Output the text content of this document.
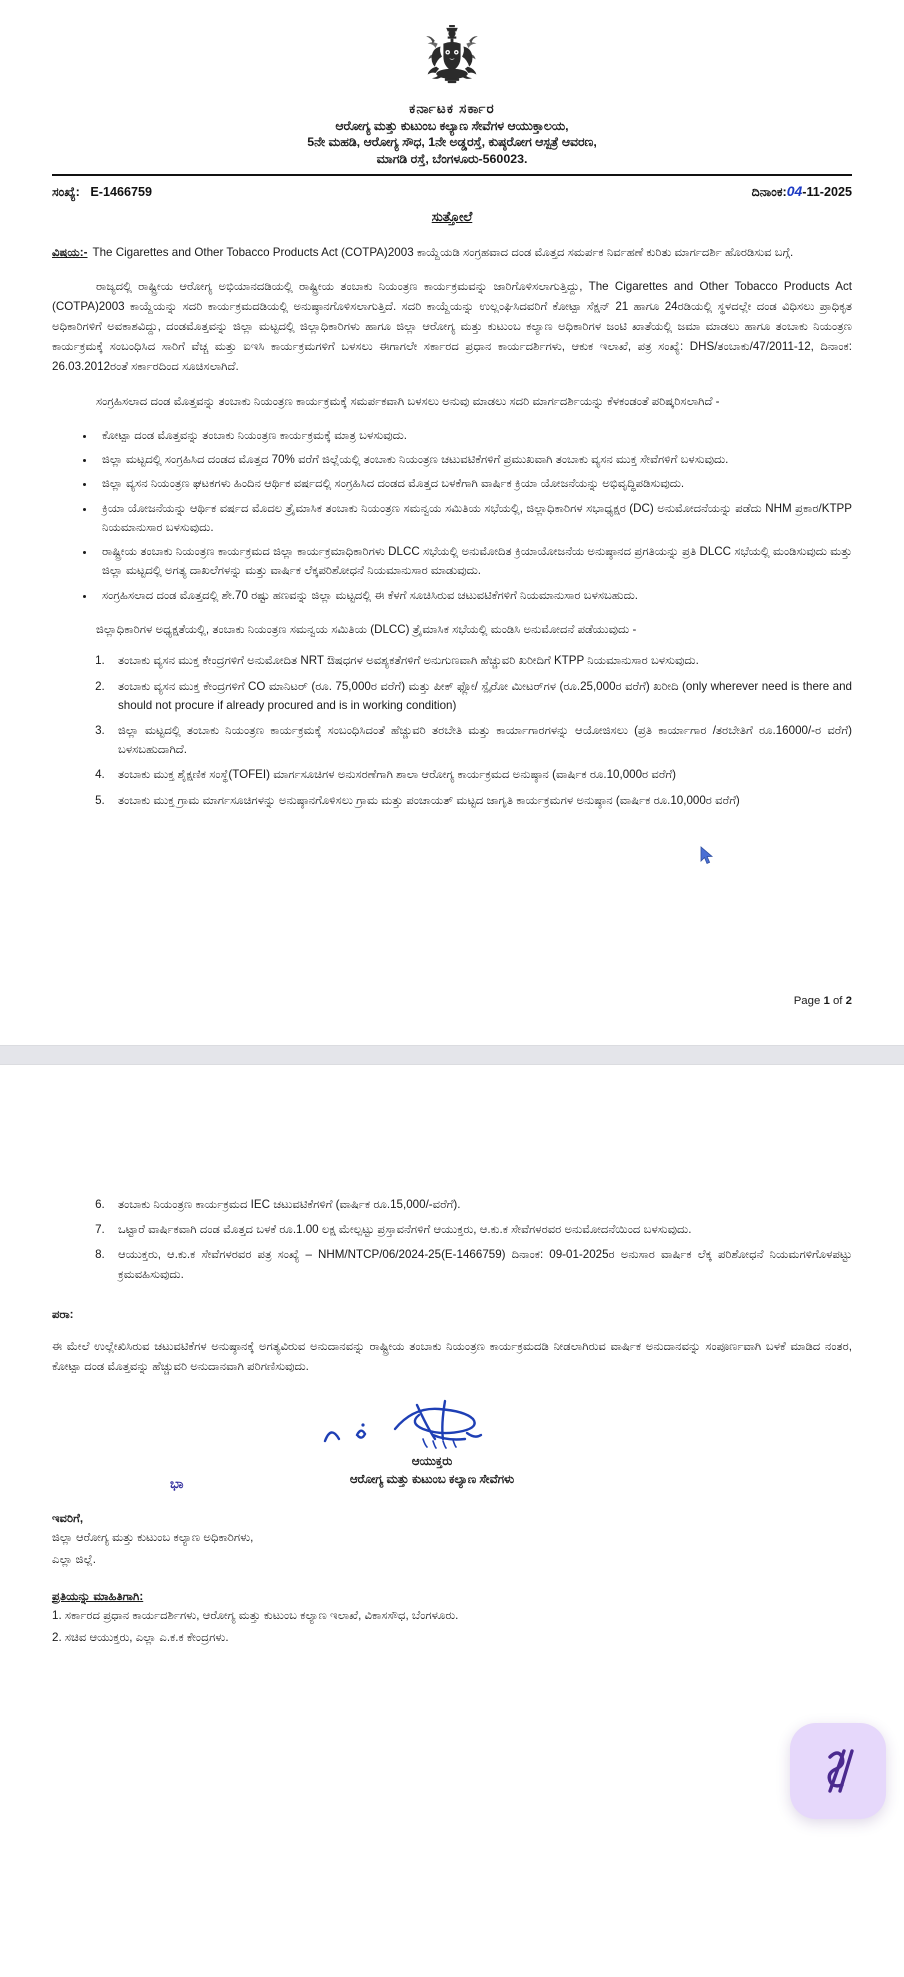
ಕರ್ನಾಟಕ ಸರ್ಕಾರ
ಆರೋಗ್ಯ ಮತ್ತು ಕುಟುಂಬ ಕಲ್ಯಾಣ ಸೇವೆಗಳ ಆಯುಕ್ತಾಲಯ,
5ನೇ ಮಹಡಿ, ಆರೋಗ್ಯ ಸೌಧ, 1ನೇ ಅಡ್ಡರಸ್ತೆ, ಕುಷ್ಠರೋಗ ಆಸ್ಪತ್ರೆ ಆವರಣ,
ಮಾಗಡಿ ರಸ್ತೆ, ಬೆಂಗಳೂರು-560023.
ಸಂಖ್ಯೆ: E-1466759	ದಿನಾಂಕ:04-11-2025
ಸುತ್ತೋಲೆ
ವಿಷಯ:- The Cigarettes and Other Tobacco Products Act (COTPA)2003 ಕಾಯ್ದೆಯಡಿ ಸಂಗ್ರಹವಾದ ದಂಡ ಮೊತ್ತದ ಸಮರ್ಪಕ ನಿರ್ವಹಣೆ ಕುರಿತು ಮಾರ್ಗದರ್ಶಿ ಹೊರಡಿಸುವ ಬಗ್ಗೆ.

ರಾಜ್ಯದಲ್ಲಿ ರಾಷ್ಟ್ರೀಯ ಆರೋಗ್ಯ ಅಭಿಯಾನದಡಿಯಲ್ಲಿ ರಾಷ್ಟ್ರೀಯ ತಂಬಾಕು ನಿಯಂತ್ರಣ ಕಾರ್ಯಕ್ರಮವನ್ನು ಜಾರಿಗೊಳಿಸಲಾಗುತ್ತಿದ್ದು, The Cigarettes and Other Tobacco Products Act (COTPA)2003 ಕಾಯ್ದೆಯನ್ನು ಸದರಿ ಕಾರ್ಯಕ್ರಮದಡಿಯಲ್ಲಿ ಅನುಷ್ಠಾನಗೊಳಿಸಲಾಗುತ್ತಿದೆ. ಸದರಿ ಕಾಯ್ದೆಯನ್ನು ಉಲ್ಲಂಘಿಸಿದವರಿಗೆ ಕೋಟ್ಪಾ ಸೆಕ್ಷನ್ 21 ಹಾಗೂ 24ರಡಿಯಲ್ಲಿ ಸ್ಥಳದಲ್ಲೇ ದಂಡ ವಿಧಿಸಲು ಪ್ರಾಧಿಕೃತ ಅಧಿಕಾರಿಗಳಿಗೆ ಅವಕಾಶವಿದ್ದು, ದಂಡಮೊತ್ತವನ್ನು ಜಿಲ್ಲಾ ಮಟ್ಟದಲ್ಲಿ ಜಿಲ್ಲಾಧಿಕಾರಿಗಳು ಹಾಗೂ ಜಿಲ್ಲಾ ಆರೋಗ್ಯ ಮತ್ತು ಕುಟುಂಬ ಕಲ್ಯಾಣ ಅಧಿಕಾರಿಗಳ ಜಂಟಿ ಖಾತೆಯಲ್ಲಿ ಜಮಾ ಮಾಡಲು ಹಾಗೂ ತಂಬಾಕು ನಿಯಂತ್ರಣ ಕಾರ್ಯಕ್ರಮಕ್ಕೆ ಸಂಬಂಧಿಸಿದ ಸಾರಿಗೆ ವೆಚ್ಚ ಮತ್ತು ಐಇಸಿ ಕಾರ್ಯಕ್ರಮಗಳಿಗೆ ಬಳಸಲು ಈಗಾಗಲೇ ಸರ್ಕಾರದ ಪ್ರಧಾನ ಕಾರ್ಯದರ್ಶಿಗಳು, ಆಕುಕ ಇಲಾಖೆ, ಪತ್ರ ಸಂಖ್ಯೆ: DHS/ತಂಬಾಕು/47/2011-12, ದಿನಾಂಕ: 26.03.2012ರಂತೆ ಸರ್ಕಾರದಿಂದ ಸೂಚಿಸಲಾಗಿದೆ.

ಸಂಗ್ರಹಿಸಲಾದ ದಂಡ ಮೊತ್ತವನ್ನು ತಂಬಾಕು ನಿಯಂತ್ರಣ ಕಾರ್ಯಕ್ರಮಕ್ಕೆ ಸಮರ್ಪಕವಾಗಿ ಬಳಸಲು ಅನುವು ಮಾಡಲು ಸದರಿ ಮಾರ್ಗದರ್ಶಿಯನ್ನು ಕೆಳಕಂಡಂತೆ ಪರಿಷ್ಕರಿಸಲಾಗಿದೆ -

• ಕೋಟ್ಪಾ ದಂಡ ಮೊತ್ತವನ್ನು ತಂಬಾಕು ನಿಯಂತ್ರಣ ಕಾರ್ಯಕ್ರಮಕ್ಕೆ ಮಾತ್ರ ಬಳಸುವುದು.
• ಜಿಲ್ಲಾ ಮಟ್ಟದಲ್ಲಿ ಸಂಗ್ರಹಿಸಿದ ದಂಡದ ಮೊತ್ತದ 70% ವರೆಗೆ ಜಿಲ್ಲೆಯಲ್ಲಿ ತಂಬಾಕು ನಿಯಂತ್ರಣ ಚಟುವಟಿಕೆಗಳಿಗೆ ಪ್ರಮುಖವಾಗಿ ತಂಬಾಕು ವ್ಯಸನ ಮುಕ್ತ ಸೇವೆಗಳಿಗೆ ಬಳಸುವುದು.
• ಜಿಲ್ಲಾ ವ್ಯಸನ ನಿಯಂತ್ರಣ ಘಟಕಗಳು ಹಿಂದಿನ ಆರ್ಥಿಕ ವರ್ಷದಲ್ಲಿ ಸಂಗ್ರಹಿಸಿದ ದಂಡದ ಮೊತ್ತದ ಬಳಕೆಗಾಗಿ ವಾರ್ಷಿಕ ಕ್ರಿಯಾ ಯೋಜನೆಯನ್ನು ಅಭಿವೃದ್ಧಿಪಡಿಸುವುದು.
• ಕ್ರಿಯಾ ಯೋಜನೆಯನ್ನು ಆರ್ಥಿಕ ವರ್ಷದ ಮೊದಲ ತ್ರೈಮಾಸಿಕ ತಂಬಾಕು ನಿಯಂತ್ರಣ ಸಮನ್ವಯ ಸಮಿತಿಯ ಸಭೆಯಲ್ಲಿ, ಜಿಲ್ಲಾಧಿಕಾರಿಗಳ ಸಭಾಧ್ಯಕ್ಷರ (DC) ಅನುಮೋದನೆಯನ್ನು ಪಡೆದು NHM ಪ್ರಕಾರ/KTPP ನಿಯಮಾನುಸಾರ ಬಳಸುವುದು.
• ರಾಷ್ಟ್ರೀಯ ತಂಬಾಕು ನಿಯಂತ್ರಣ ಕಾರ್ಯಕ್ರಮದ ಜಿಲ್ಲಾ ಕಾರ್ಯಕ್ರಮಾಧಿಕಾರಿಗಳು DLCC ಸಭೆಯಲ್ಲಿ ಅನುಮೋದಿತ ಕ್ರಿಯಾಯೋಜನೆಯ ಅನುಷ್ಠಾನದ ಪ್ರಗತಿಯನ್ನು ಪ್ರತಿ DLCC ಸಭೆಯಲ್ಲಿ ಮಂಡಿಸುವುದು ಮತ್ತು ಜಿಲ್ಲಾ ಮಟ್ಟದಲ್ಲಿ ಅಗತ್ಯ ದಾಖಲೆಗಳನ್ನು ಮತ್ತು ವಾರ್ಷಿಕ ಲೆಕ್ಕಪರಿಶೋಧನೆ ನಿಯಮಾನುಸಾರ ಮಾಡುವುದು.
• ಸಂಗ್ರಹಿಸಲಾದ ದಂಡ ಮೊತ್ತದಲ್ಲಿ ಶೇ.70 ರಷ್ಟು ಹಣವನ್ನು ಜಿಲ್ಲಾ ಮಟ್ಟದಲ್ಲಿ ಈ ಕೆಳಗೆ ಸೂಚಿಸಿರುವ ಚಟುವಟಿಕೆಗಳಿಗೆ ನಿಯಮಾನುಸಾರ ಬಳಸಬಹುದು.

ಜಿಲ್ಲಾಧಿಕಾರಿಗಳ ಅಧ್ಯಕ್ಷತೆಯಲ್ಲಿ, ತಂಬಾಕು ನಿಯಂತ್ರಣ ಸಮನ್ವಯ ಸಮಿತಿಯ (DLCC) ತ್ರೈಮಾಸಿಕ ಸಭೆಯಲ್ಲಿ ಮಂಡಿಸಿ ಅನುಮೋದನೆ ಪಡೆಯುವುದು -

1. ತಂಬಾಕು ವ್ಯಸನ ಮುಕ್ತ ಕೇಂದ್ರಗಳಿಗೆ ಅನುಮೋದಿತ NRT ಔಷಧಗಳ ಅವಶ್ಯಕತೆಗಳಿಗೆ ಅನುಗುಣವಾಗಿ ಹೆಚ್ಚುವರಿ ಖರೀದಿಗೆ KTPP ನಿಯಮಾನುಸಾರ ಬಳಸುವುದು.
2. ತಂಬಾಕು ವ್ಯಸನ ಮುಕ್ತ ಕೇಂದ್ರಗಳಿಗೆ CO ಮಾನಿಟರ್ (ರೂ. 75,000ರ ವರೆಗೆ) ಮತ್ತು ಪೀಕ್ ಫ್ಲೋ/ ಸ್ಪೈರೋ ಮೀಟರ್‌ಗಳ (ರೂ.25,000ರ ವರೆಗೆ) ಖರೀದಿ (only wherever need is there and should not procure if already procured and is in working condition)
3. ಜಿಲ್ಲಾ ಮಟ್ಟದಲ್ಲಿ ತಂಬಾಕು ನಿಯಂತ್ರಣ ಕಾರ್ಯಕ್ರಮಕ್ಕೆ ಸಂಬಂಧಿಸಿದಂತೆ ಹೆಚ್ಚುವರಿ ತರಬೇತಿ ಮತ್ತು ಕಾರ್ಯಾಗಾರಗಳನ್ನು ಆಯೋಜಿಸಲು (ಪ್ರತಿ ಕಾರ್ಯಾಗಾರ /ತರಬೇತಿಗೆ ರೂ.16000/-ರ ವರೆಗೆ) ಬಳಸಬಹುದಾಗಿದೆ.
4. ತಂಬಾಕು ಮುಕ್ತ ಶೈಕ್ಷಣಿಕ ಸಂಸ್ಥೆ(TOFEI) ಮಾರ್ಗಸೂಚಿಗಳ ಅನುಸರಣೆಗಾಗಿ ಶಾಲಾ ಆರೋಗ್ಯ ಕಾರ್ಯಕ್ರಮದ ಅನುಷ್ಠಾನ (ವಾರ್ಷಿಕ ರೂ.10,000ರ ವರೆಗೆ)
5. ತಂಬಾಕು ಮುಕ್ತ ಗ್ರಾಮ ಮಾರ್ಗಸೂಚಿಗಳನ್ನು ಅನುಷ್ಠಾನಗೊಳಿಸಲು ಗ್ರಾಮ ಮತ್ತು ಪಂಚಾಯತ್ ಮಟ್ಟದ ಜಾಗೃತಿ ಕಾರ್ಯಕ್ರಮಗಳ ಅನುಷ್ಠಾನ (ವಾರ್ಷಿಕ ರೂ.10,000ರ ವರೆಗೆ)
Page 1 of 2
6. ತಂಬಾಕು ನಿಯಂತ್ರಣ ಕಾರ್ಯಕ್ರಮದ IEC ಚಟುವಟಿಕೆಗಳಿಗೆ (ವಾರ್ಷಿಕ ರೂ.15,000/-ವರೆಗೆ).
7. ಒಟ್ಟಾರೆ ವಾರ್ಷಿಕವಾಗಿ ದಂಡ ಮೊತ್ತದ ಬಳಕೆ ರೂ.1.00 ಲಕ್ಷ ಮೇಲ್ಪಟ್ಟು ಪ್ರಸ್ತಾವನೆಗಳಿಗೆ ಆಯುಕ್ತರು, ಆ.ಕು.ಕ ಸೇವೆಗಳರವರ ಅನುಮೋದನೆಯಿಂದ ಬಳಸುವುದು.
8. ಆಯುಕ್ತರು, ಆ.ಕು.ಕ ಸೇವೆಗಳರವರ ಪತ್ರ ಸಂಖ್ಯೆ – NHM/NTCP/06/2024-25(E-1466759) ದಿನಾಂಕ: 09-01-2025ರ ಅನುಸಾರ ವಾರ್ಷಿಕ ಲೆಕ್ಕ ಪರಿಶೋಧನೆ ನಿಯಮಗಳಿಗೊಳಪಟ್ಟು ಕ್ರಮವಹಿಸುವುದು.
ಪರಾ:

ಈ ಮೇಲೆ ಉಲ್ಲೇಖಿಸಿರುವ ಚಟುವಟಿಕೆಗಳ ಅನುಷ್ಠಾನಕ್ಕೆ ಅಗತ್ಯವಿರುವ ಅನುದಾನವನ್ನು ರಾಷ್ಟ್ರೀಯ ತಂಬಾಕು ನಿಯಂತ್ರಣ ಕಾರ್ಯಕ್ರಮದಡಿ ನೀಡಲಾಗಿರುವ ವಾರ್ಷಿಕ ಅನುದಾನವನ್ನು ಸಂಪೂರ್ಣವಾಗಿ ಬಳಕೆ ಮಾಡಿದ ನಂತರ, ಕೋಟ್ಪಾ ದಂಡ ಮೊತ್ತವನ್ನು ಹೆಚ್ಚುವರಿ ಅನುದಾನವಾಗಿ ಪರಿಗಣಿಸುವುದು.

ಆಯುಕ್ತರು
ಆರೋಗ್ಯ ಮತ್ತು ಕುಟುಂಬ ಕಲ್ಯಾಣ ಸೇವೆಗಳು
ಭಾ
ಇವರಿಗೆ,
ಜಿಲ್ಲಾ ಆರೋಗ್ಯ ಮತ್ತು ಕುಟುಂಬ ಕಲ್ಯಾಣ ಅಧಿಕಾರಿಗಳು,
ಎಲ್ಲಾ ಜಿಲ್ಲೆ.
ಪ್ರತಿಯನ್ನು ಮಾಹಿತಿಗಾಗಿ:
1. ಸರ್ಕಾರದ ಪ್ರಧಾನ ಕಾರ್ಯದರ್ಶಿಗಳು, ಆರೋಗ್ಯ ಮತ್ತು ಕುಟುಂಬ ಕಲ್ಯಾಣ ಇಲಾಖೆ, ವಿಕಾಸಸೌಧ, ಬೆಂಗಳೂರು.
2. ಸಚಿವ ಆಯುಕ್ತರು, ಎಲ್ಲಾ ಎ.ಕ.ಕ ಕೇಂದ್ರಗಳು.
